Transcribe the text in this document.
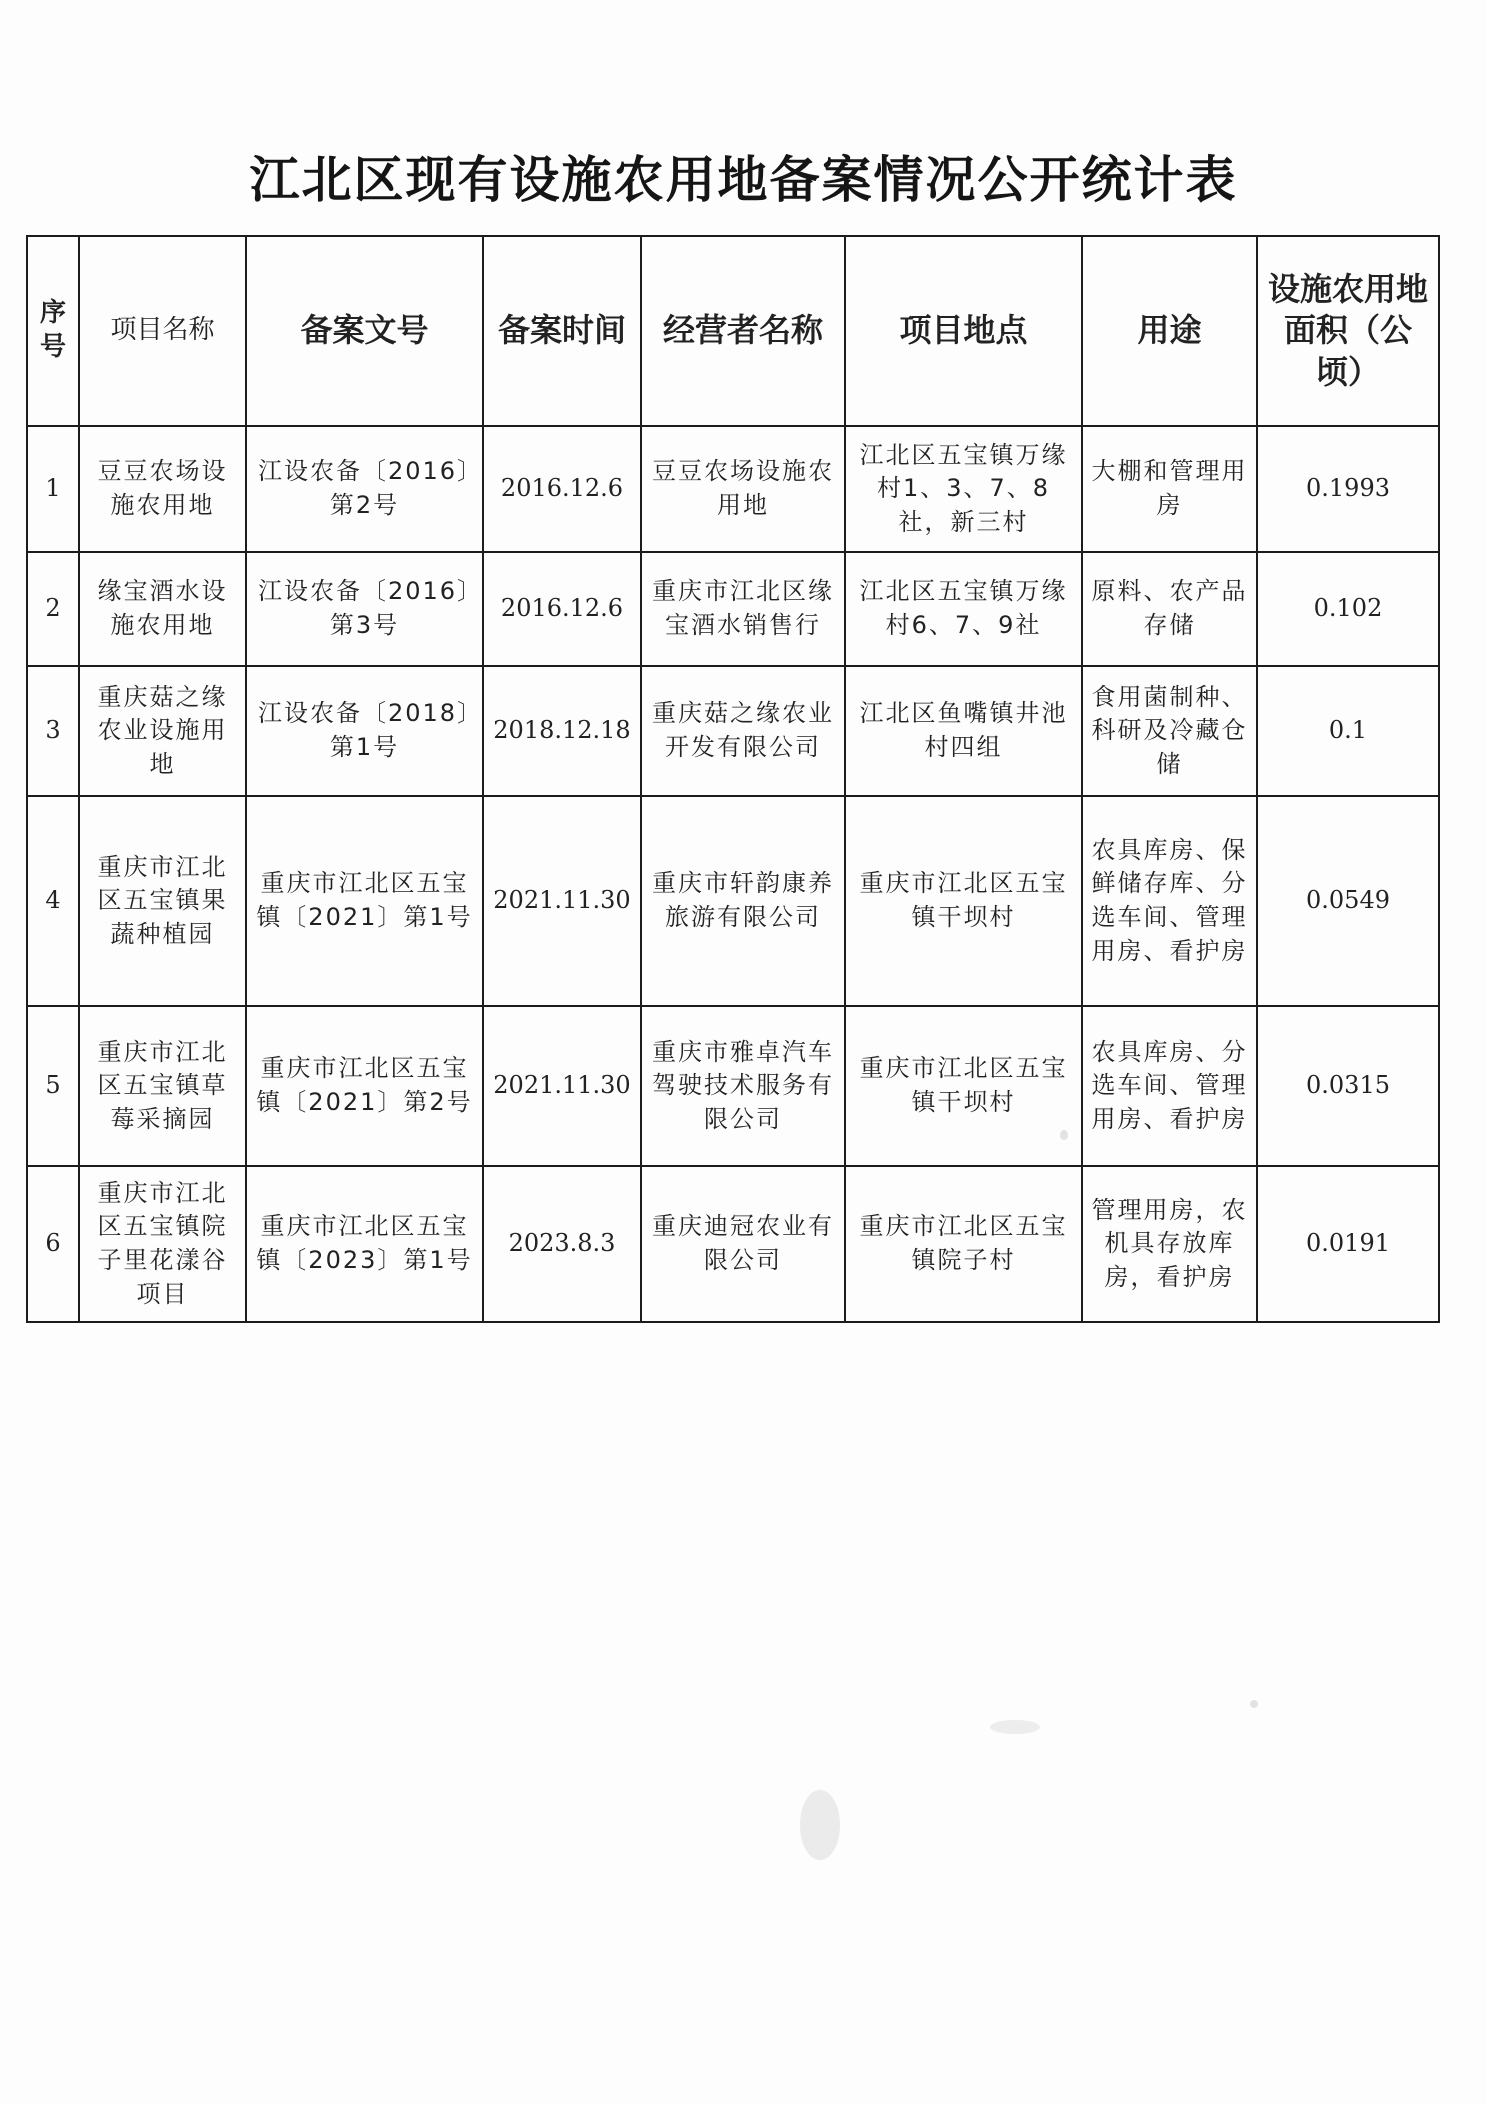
江北区现有设施农用地备案情况公开统计表
序号	项目名称	备案文号	备案时间	经营者名称	项目地点	用途	设施农用地面积（公顷）
1	豆豆农场设施农用地	江设农备〔2016〕第2号	2016.12.6	豆豆农场设施农用地	江北区五宝镇万缘村1、3、7、8社，新三村	大棚和管理用房	0.1993
2	缘宝酒水设施农用地	江设农备〔2016〕第3号	2016.12.6	重庆市江北区缘宝酒水销售行	江北区五宝镇万缘村6、7、9社	原料、农产品存储	0.102
3	重庆菇之缘农业设施用地	江设农备〔2018〕第1号	2018.12.18	重庆菇之缘农业开发有限公司	江北区鱼嘴镇井池村四组	食用菌制种、科研及冷藏仓储	0.1
4	重庆市江北区五宝镇果蔬种植园	重庆市江北区五宝镇〔2021〕第1号	2021.11.30	重庆市轩韵康养旅游有限公司	重庆市江北区五宝镇干坝村	农具库房、保鲜储存库、分选车间、管理用房、看护房	0.0549
5	重庆市江北区五宝镇草莓采摘园	重庆市江北区五宝镇〔2021〕第2号	2021.11.30	重庆市雅卓汽车驾驶技术服务有限公司	重庆市江北区五宝镇干坝村	农具库房、分选车间、管理用房、看护房	0.0315
6	重庆市江北区五宝镇院子里花漾谷项目	重庆市江北区五宝镇〔2023〕第1号	2023.8.3	重庆迪冠农业有限公司	重庆市江北区五宝镇院子村	管理用房，农机具存放库房，看护房	0.0191
